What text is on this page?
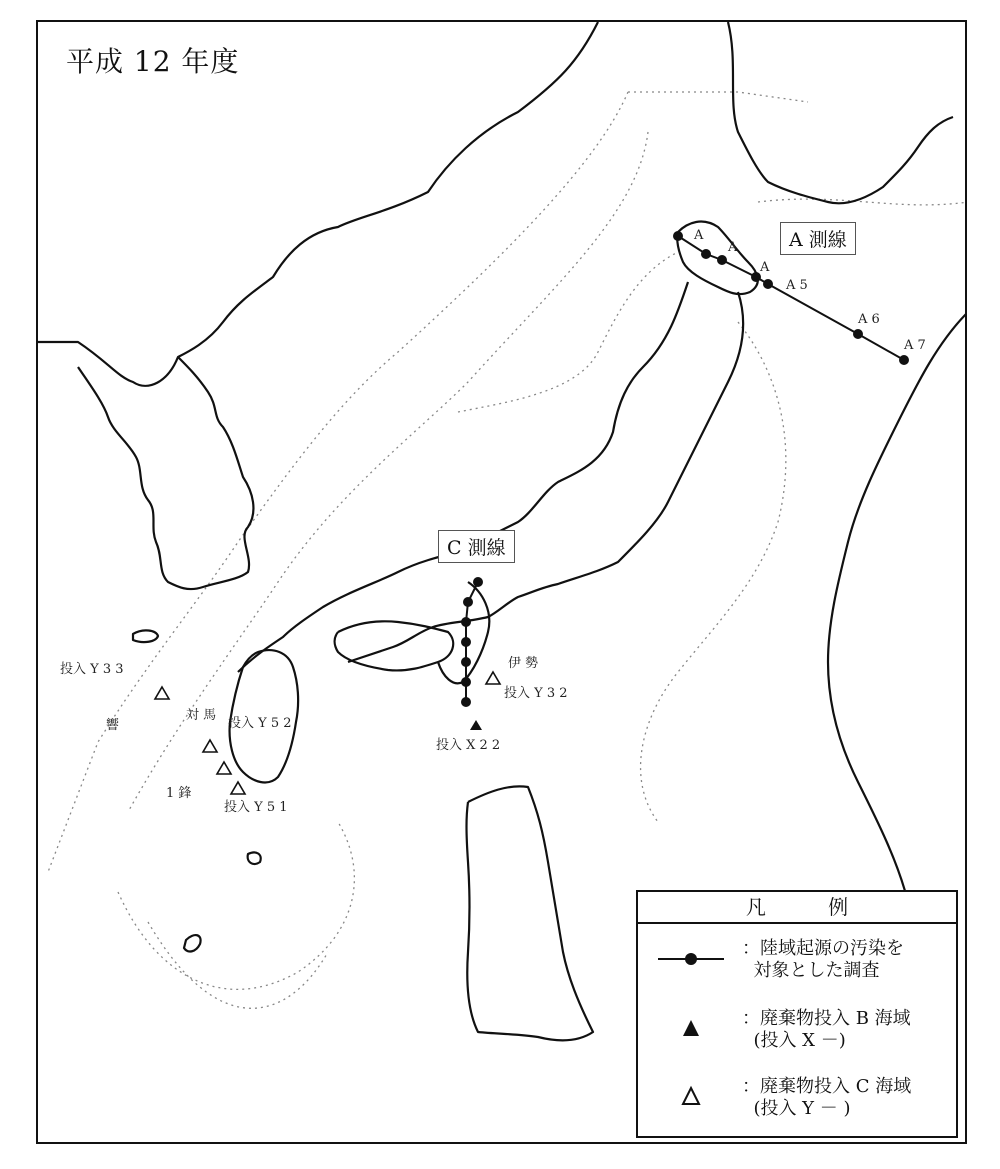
平成 12 年度
A 測線
C 測線
A
A
A
A 5
A 6
A 7
投入 X 2 2
投入 Y 3 2
投入 Y 3 3
投入 Y 5 2
投入 Y 5 1
伊 勢
響
対 馬
1 鋒
凡 例
：陸域起源の汚染を
対象とした調査
：廃棄物投入 B 海域
(投入 X －)
：廃棄物投入 C 海域
(投入 Y － )
